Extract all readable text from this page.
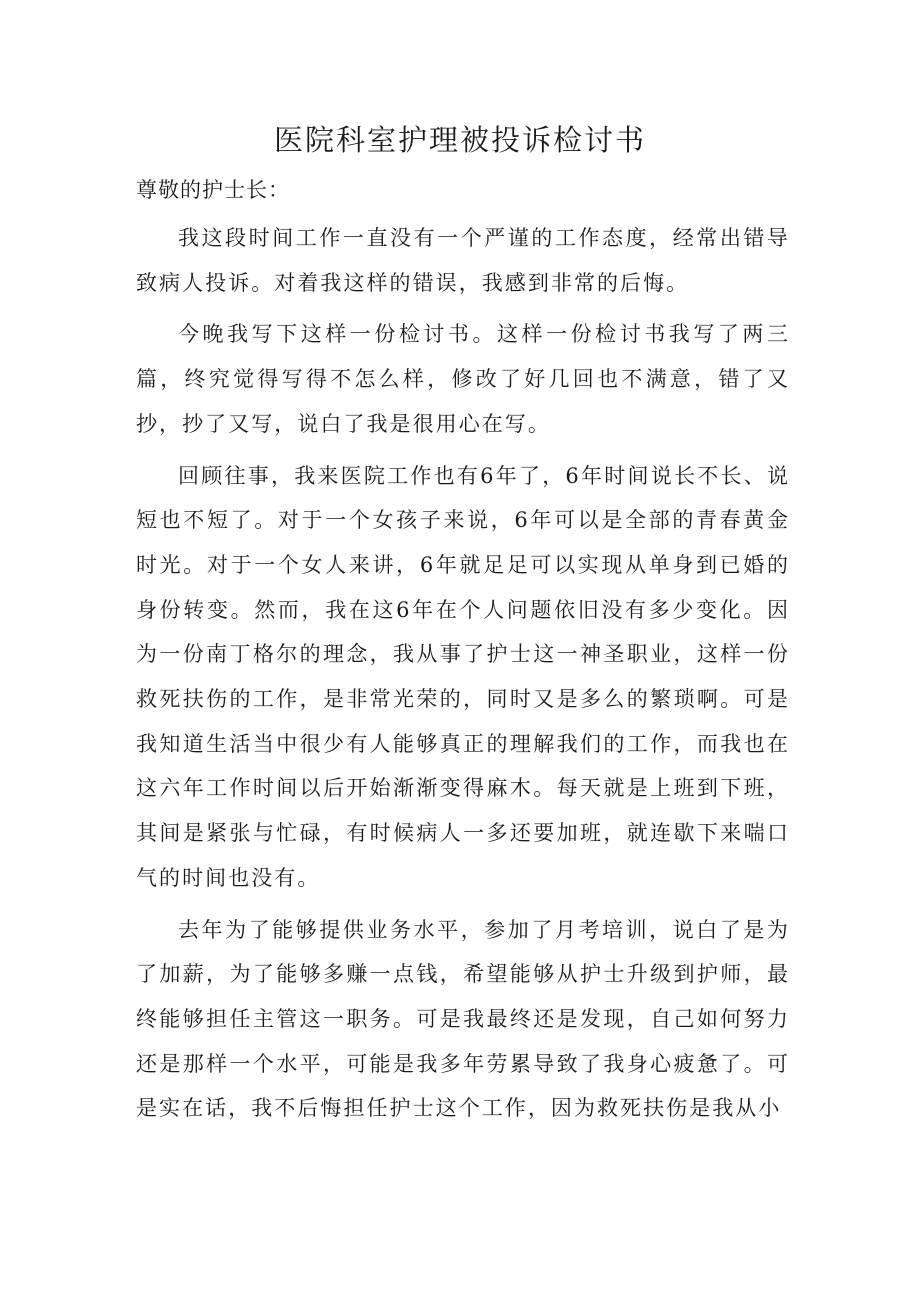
医院科室护理被投诉检讨书

尊敬的护士长：

我这段时间工作一直没有一个严谨的工作态度，经常出错导致病人投诉。对着我这样的错误，我感到非常的后悔。

今晚我写下这样一份检讨书。这样一份检讨书我写了两三篇，终究觉得写得不怎么样，修改了好几回也不满意，错了又抄，抄了又写，说白了我是很用心在写。

回顾往事，我来医院工作也有6年了，6年时间说长不长、说短也不短了。对于一个女孩子来说，6年可以是全部的青春黄金时光。对于一个女人来讲，6年就足足可以实现从单身到已婚的身份转变。然而，我在这6年在个人问题依旧没有多少变化。因为一份南丁格尔的理念，我从事了护士这一神圣职业，这样一份救死扶伤的工作，是非常光荣的，同时又是多么的繁琐啊。可是我知道生活当中很少有人能够真正的理解我们的工作，而我也在这六年工作时间以后开始渐渐变得麻木。每天就是上班到下班，其间是紧张与忙碌，有时候病人一多还要加班，就连歇下来喘口气的时间也没有。

去年为了能够提供业务水平，参加了月考培训，说白了是为了加薪，为了能够多赚一点钱，希望能够从护士升级到护师，最终能够担任主管这一职务。可是我最终还是发现，自己如何努力还是那样一个水平，可能是我多年劳累导致了我身心疲惫了。可是实在话，我不后悔担任护士这个工作，因为救死扶伤是我从小
